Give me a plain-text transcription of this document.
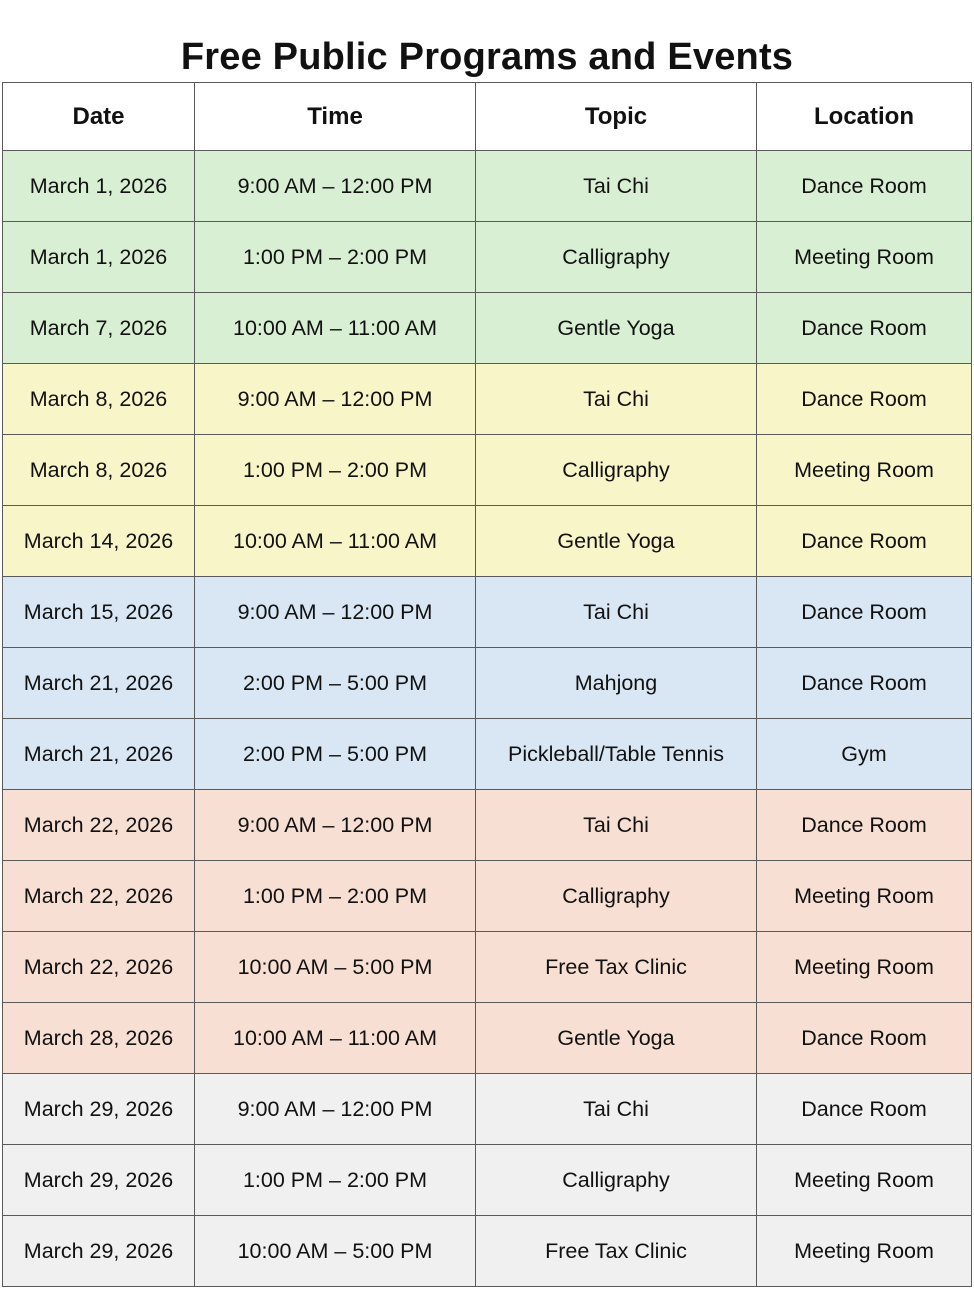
Free Public Programs and Events
Date	Time	Topic	Location
March 1, 2026	9:00 AM – 12:00 PM	Tai Chi	Dance Room
March 1, 2026	1:00 PM – 2:00 PM	Calligraphy	Meeting Room
March 7, 2026	10:00 AM – 11:00 AM	Gentle Yoga	Dance Room
March 8, 2026	9:00 AM – 12:00 PM	Tai Chi	Dance Room
March 8, 2026	1:00 PM – 2:00 PM	Calligraphy	Meeting Room
March 14, 2026	10:00 AM – 11:00 AM	Gentle Yoga	Dance Room
March 15, 2026	9:00 AM – 12:00 PM	Tai Chi	Dance Room
March 21, 2026	2:00 PM – 5:00 PM	Mahjong	Dance Room
March 21, 2026	2:00 PM – 5:00 PM	Pickleball/Table Tennis	Gym
March 22, 2026	9:00 AM – 12:00 PM	Tai Chi	Dance Room
March 22, 2026	1:00 PM – 2:00 PM	Calligraphy	Meeting Room
March 22, 2026	10:00 AM – 5:00 PM	Free Tax Clinic	Meeting Room
March 28, 2026	10:00 AM – 11:00 AM	Gentle Yoga	Dance Room
March 29, 2026	9:00 AM – 12:00 PM	Tai Chi	Dance Room
March 29, 2026	1:00 PM – 2:00 PM	Calligraphy	Meeting Room
March 29, 2026	10:00 AM – 5:00 PM	Free Tax Clinic	Meeting Room
